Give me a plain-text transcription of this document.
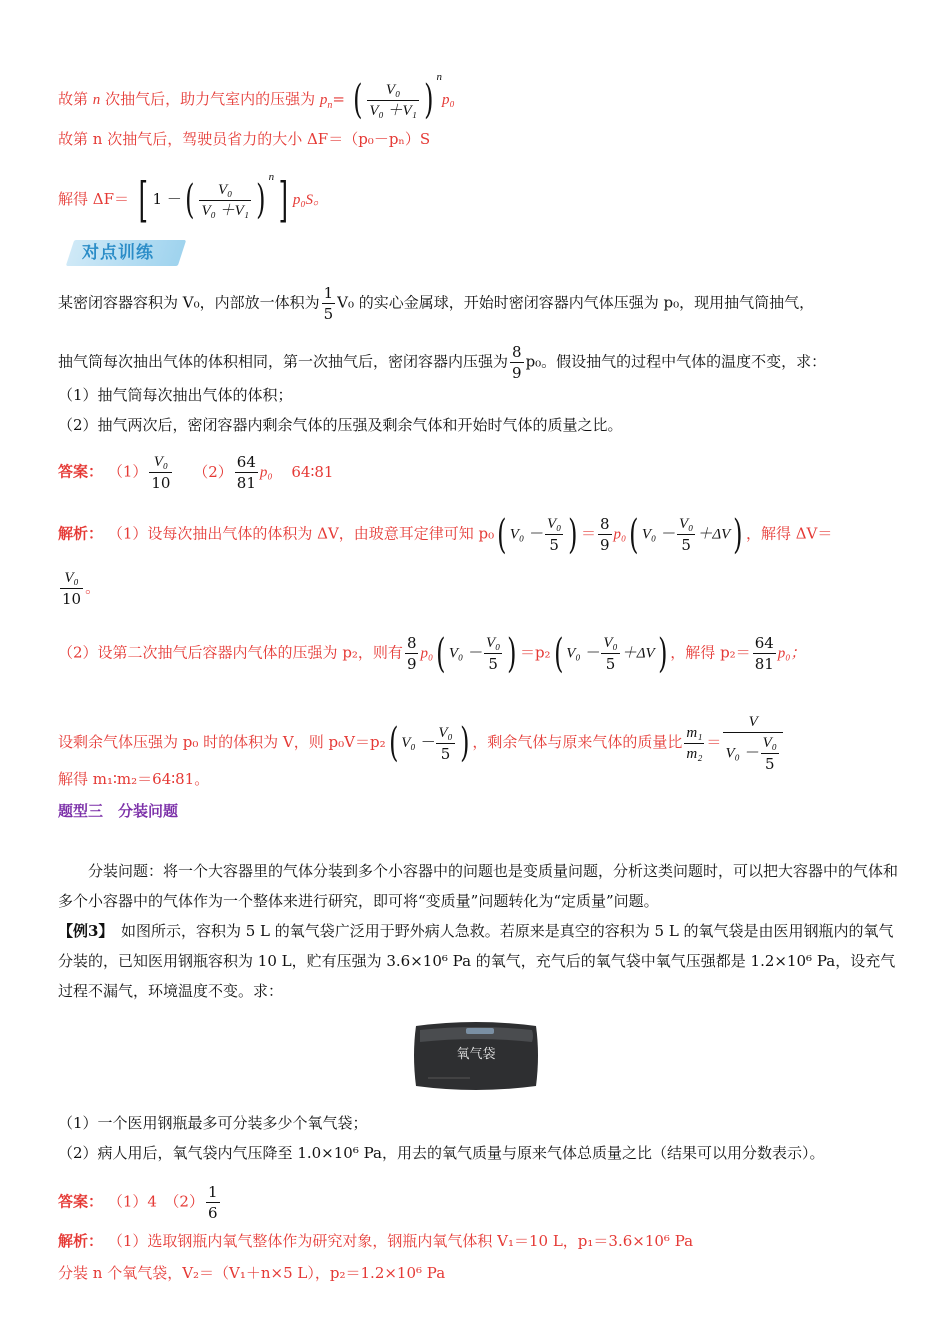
故第 n 次抽气后，助力气室内的压强为 $p_n=$ ( $\frac{\text{V₀}}{\text{V₀ ＋V₁}}$ ) $^n$p₀
故第 n 次抽气后，驾驶员省力的大小 ΔF＝（p₀－pₙ）S
解得 ΔF＝ [ 1 －( $\frac{\text{V₀}}{\text{V₀ ＋V₁}}$ ) $^n$] p₀S。
对点训练
某密闭容器容积为 V₀，内部放一体积为 $\frac{1}{5} V_0$ 的实心金属球，开始时密闭容器内气体压强为 p₀，现用抽气筒抽气，
抽气筒每次抽出气体的体积相同，第一次抽气后，密闭容器内压强为 $\frac{8}{9} p_0$。假设抽气的过程中气体的温度不变，求：
（1）抽气筒每次抽出气体的体积；
（2）抽气两次后，密闭容器内剩余气体的压强及剩余气体和开始时气体的质量之比。
答案： $(1) \frac{\text{V₀}}{10} (2) \frac{64}{81} p_0$ 64∶81
解析： （1）设每次抽出气体的体积为 ΔV，由玻意耳定律可知 p₀( $V_0 - \frac{\text{V₀}}{5}$ ) ＝ $\frac{8}{9} p_0$( $V_0 - \frac{\text{V₀}}{5} +\Delta V$) ，解得 ΔV＝
$\frac{\text{V₀}}{10}$ 。
（2）设第二次抽气后容器内气体的压强为 p₂，则有 $\frac{8}{9} p_0$( $V_0 - \frac{\text{V₀}}{5}$ ) ＝p₂( $V_0 - \frac{\text{V₀}}{5} +\Delta V$) ，解得 $p_2= \frac{64}{81} p_0$；
设剩余气体压强为 p₀ 时的体积为 V，则 p₀V＝p₂( $V_0 - \frac{\text{V₀}}{5}$ ) ，剩余气体与原来气体的质量比 $\frac{\text{m₁}}{\text{m₂}} = \frac{V}{V_0 - \frac{\text{V₀}}{5}}$
解得 m₁∶m₂＝64∶81。
题型三　分装问题
分装问题：将一个大容器里的气体分装到多个小容器中的问题也是变质量问题，分析这类问题时，可以把大容器中的气体和多个小容器中的气体作为一个整体来进行研究，即可将“变质量”问题转化为“定质量”问题。
【例3】　如图所示，容积为 5 L 的氧气袋广泛用于野外病人急救。若原来是真空的容积为 5 L 的氧气袋是由医用钢瓶内的氧气分装的，已知医用钢瓶容积为 10 L，贮有压强为 3.6×10⁶ Pa 的氧气，充气后的氧气袋中氧气压强都是 1.2×10⁶ Pa，设充气过程不漏气，环境温度不变。求：
氧气袋
（1）一个医用钢瓶最多可分装多少个氧气袋；
（2）病人用后，氧气袋内气压降至 1.0×10⁶ Pa，用去的氧气质量与原来气体总质量之比（结果可以用分数表示）。
答案： （1）4　$(2) \frac{1}{6}$
解析： （1）选取钢瓶内氧气整体作为研究对象，钢瓶内氧气体积 V₁＝10 L，p₁＝3.6×10⁶ Pa
分装 n 个氧气袋，V₂＝（V₁＋n×5 L），p₂＝1.2×10⁶ Pa
